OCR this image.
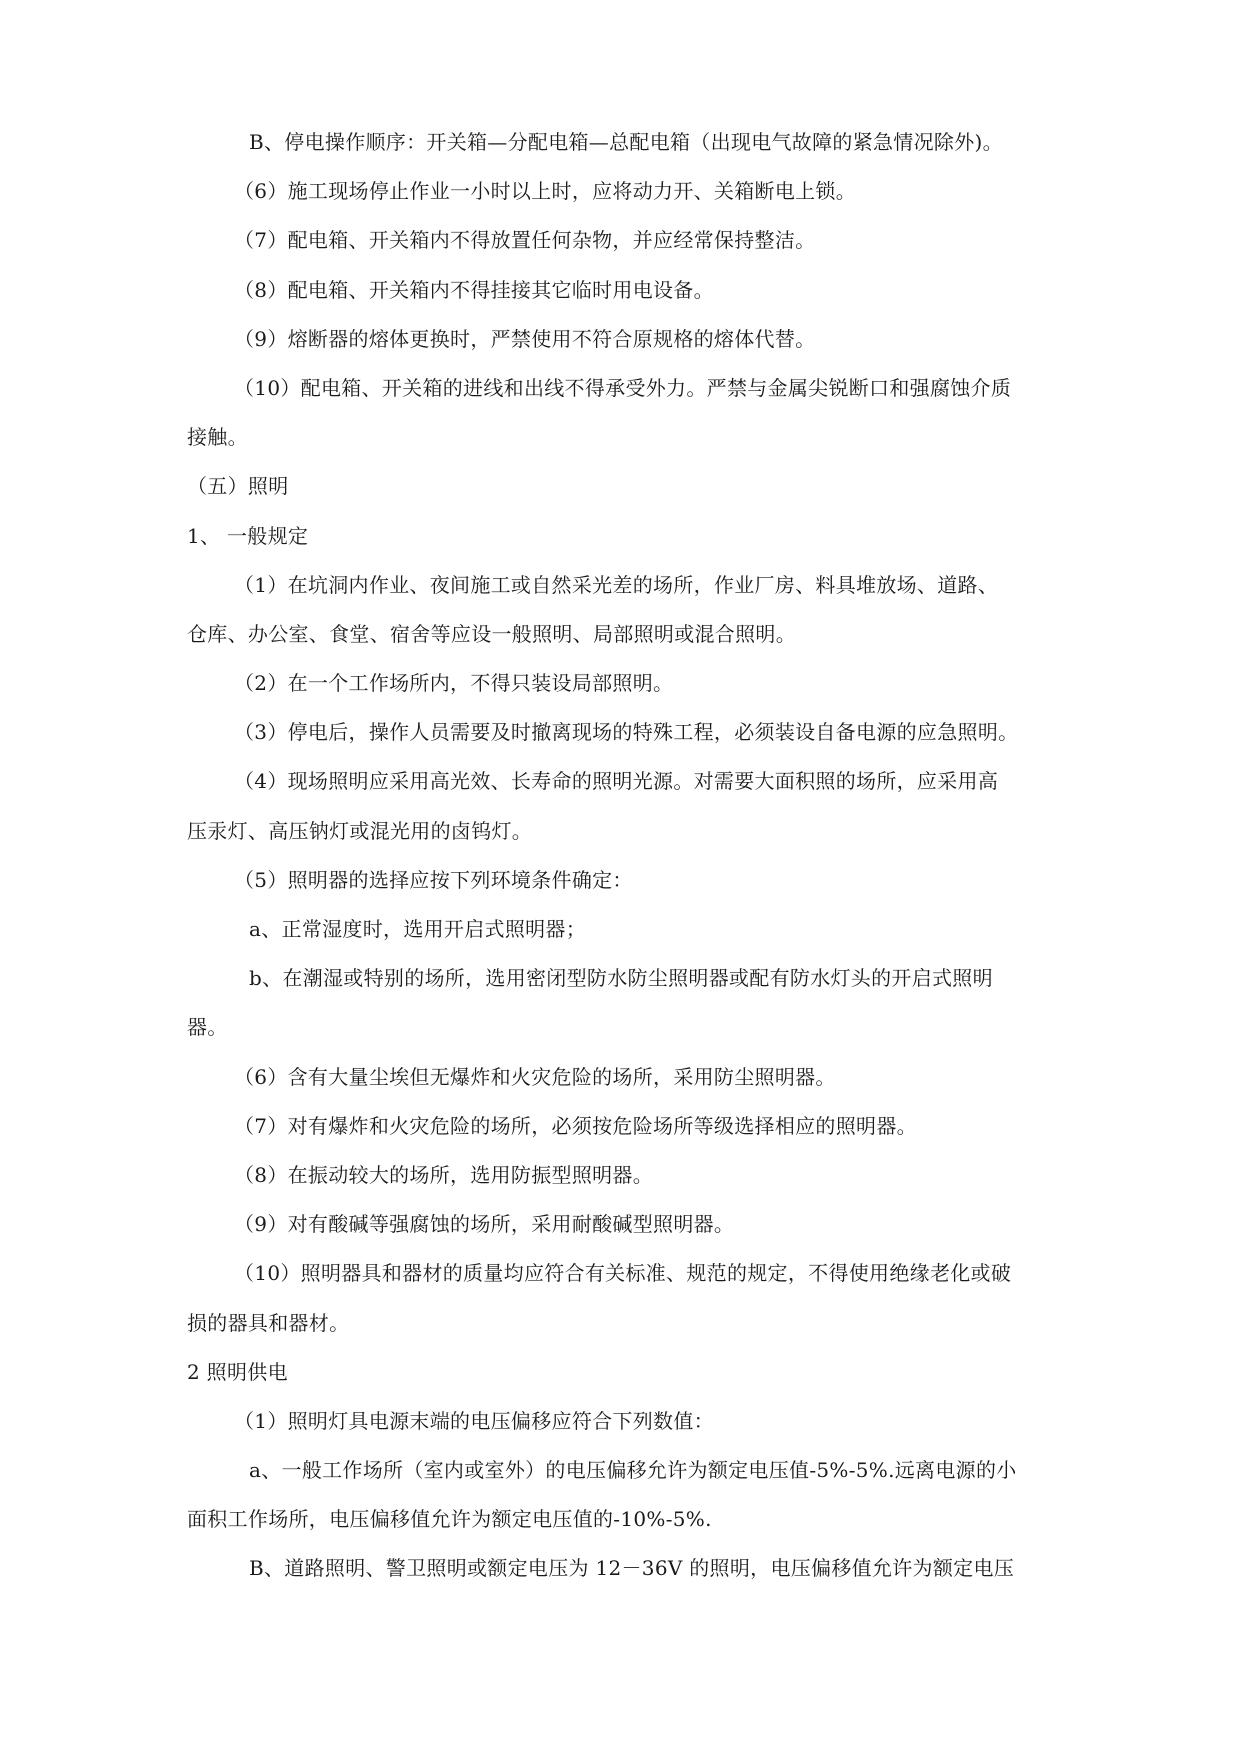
B、停电操作顺序：开关箱—分配电箱—总配电箱（出现电气故障的紧急情况除外)。
（6）施工现场停止作业一小时以上时，应将动力开、关箱断电上锁。
（7）配电箱、开关箱内不得放置任何杂物，并应经常保持整洁。
（8）配电箱、开关箱内不得挂接其它临时用电设备。
（9）熔断器的熔体更换时，严禁使用不符合原规格的熔体代替。
（10）配电箱、开关箱的进线和出线不得承受外力。严禁与金属尖锐断口和强腐蚀介质
接触。
（五）照明
1、 一般规定
（1）在坑洞内作业、夜间施工或自然采光差的场所，作业厂房、料具堆放场、道路、
仓库、办公室、食堂、宿舍等应设一般照明、局部照明或混合照明。
（2）在一个工作场所内，不得只装设局部照明。
（3）停电后，操作人员需要及时撤离现场的特殊工程，必须装设自备电源的应急照明。
（4）现场照明应采用高光效、长寿命的照明光源。对需要大面积照的场所，应采用高
压汞灯、高压钠灯或混光用的卤钨灯。
（5）照明器的选择应按下列环境条件确定：
a、正常湿度时，选用开启式照明器；
b、在潮湿或特别的场所，选用密闭型防水防尘照明器或配有防水灯头的开启式照明
器。
（6）含有大量尘埃但无爆炸和火灾危险的场所，采用防尘照明器。
（7）对有爆炸和火灾危险的场所，必须按危险场所等级选择相应的照明器。
（8）在振动较大的场所，选用防振型照明器。
（9）对有酸碱等强腐蚀的场所，采用耐酸碱型照明器。
（10）照明器具和器材的质量均应符合有关标准、规范的规定，不得使用绝缘老化或破
损的器具和器材。
2 照明供电
（1）照明灯具电源末端的电压偏移应符合下列数值：
a、一般工作场所（室内或室外）的电压偏移允许为额定电压值-5%-5%.远离电源的小
面积工作场所，电压偏移值允许为额定电压值的-10%-5%.
B、道路照明、警卫照明或额定电压为 12－36V 的照明，电压偏移值允许为额定电压
